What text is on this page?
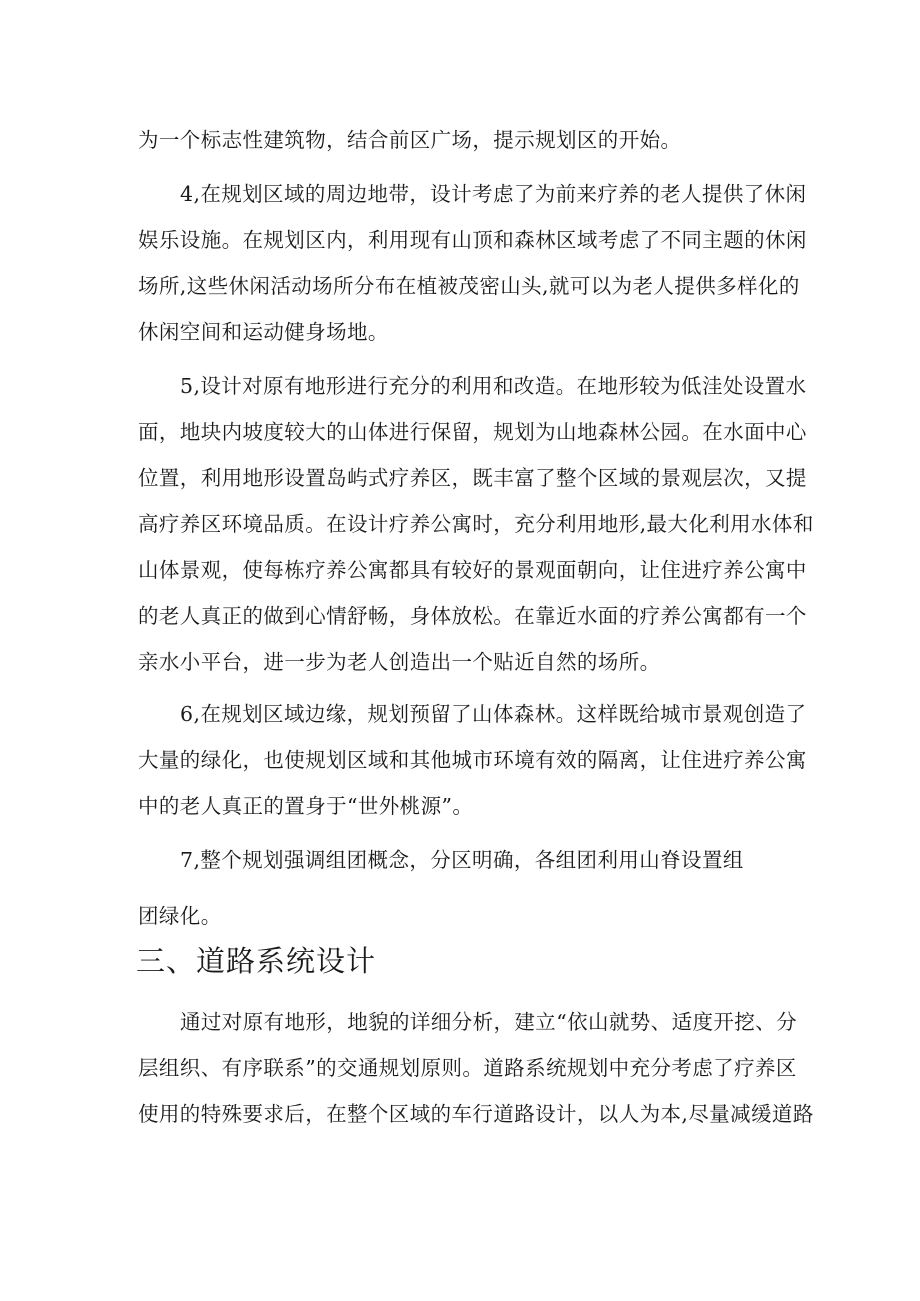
为一个标志性建筑物，结合前区广场，提示规划区的开始。
4,在规划区域的周边地带，设计考虑了为前来疗养的老人提供了休闲
娱乐设施。在规划区内，利用现有山顶和森林区域考虑了不同主题的休闲
场所,这些休闲活动场所分布在植被茂密山头,就可以为老人提供多样化的
休闲空间和运动健身场地。
5,设计对原有地形进行充分的利用和改造。在地形较为低洼处设置水
面，地块内坡度较大的山体进行保留，规划为山地森林公园。在水面中心
位置，利用地形设置岛屿式疗养区，既丰富了整个区域的景观层次，又提
高疗养区环境品质。在设计疗养公寓时，充分利用地形,最大化利用水体和
山体景观，使每栋疗养公寓都具有较好的景观面朝向，让住进疗养公寓中
的老人真正的做到心情舒畅，身体放松。在靠近水面的疗养公寓都有一个
亲水小平台，进一步为老人创造出一个贴近自然的场所。
6,在规划区域边缘，规划预留了山体森林。这样既给城市景观创造了
大量的绿化，也使规划区域和其他城市环境有效的隔离，让住进疗养公寓
中的老人真正的置身于“世外桃源”。
7,整个规划强调组团概念，分区明确，各组团利用山脊设置组
团绿化。
三、道路系统设计
通过对原有地形，地貌的详细分析，建立“依山就势、适度开挖、分
层组织、有序联系”的交通规划原则。道路系统规划中充分考虑了疗养区
使用的特殊要求后，在整个区域的车行道路设计，以人为本,尽量减缓道路
